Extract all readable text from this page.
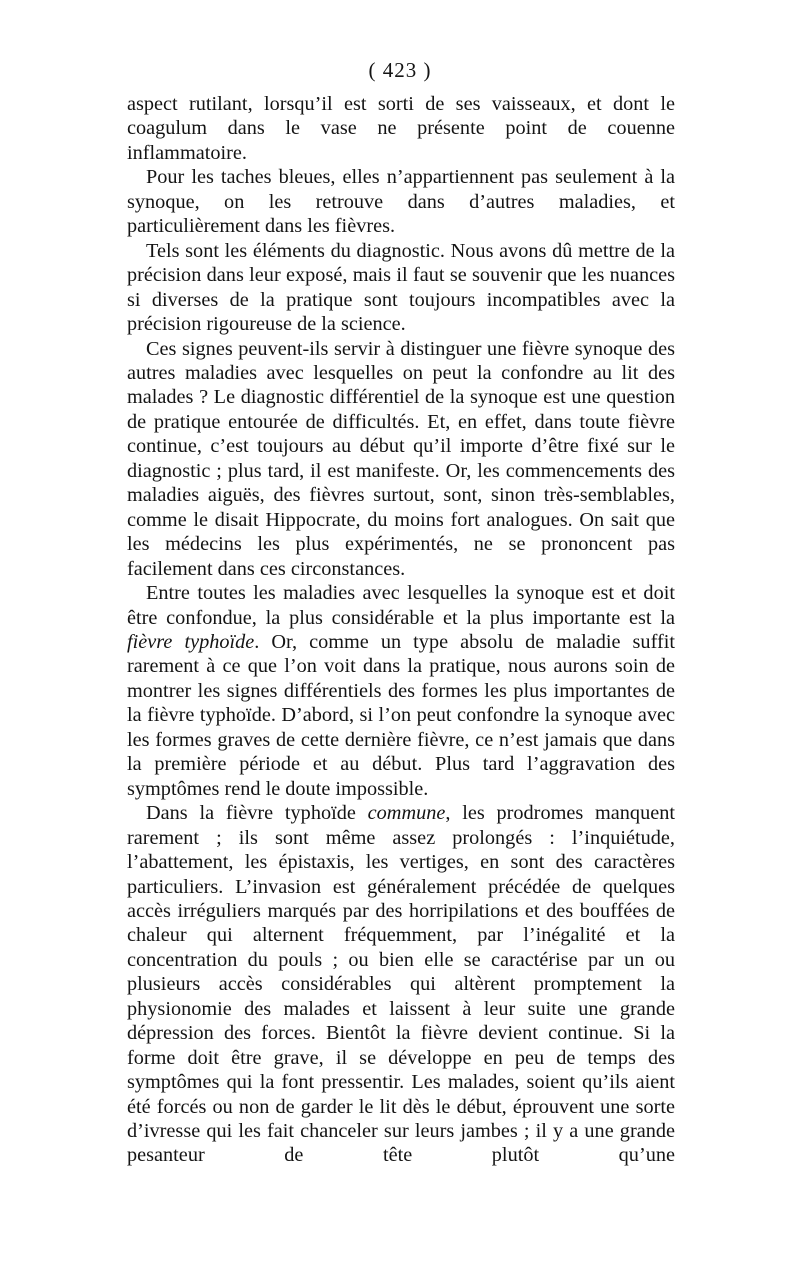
( 423 )

aspect rutilant, lorsqu’il est sorti de ses vaisseaux, et dont le coagulum dans le vase ne présente point de couenne inflammatoire.

Pour les taches bleues, elles n’appartiennent pas seulement à la synoque, on les retrouve dans d’autres maladies, et particulièrement dans les fièvres.

Tels sont les éléments du diagnostic. Nous avons dû mettre de la précision dans leur exposé, mais il faut se souvenir que les nuances si diverses de la pratique sont toujours incompatibles avec la précision rigoureuse de la science.

Ces signes peuvent-ils servir à distinguer une fièvre synoque des autres maladies avec lesquelles on peut la confondre au lit des malades ? Le diagnostic différentiel de la synoque est une question de pratique entourée de difficultés. Et, en effet, dans toute fièvre continue, c’est toujours au début qu’il importe d’être fixé sur le diagnostic ; plus tard, il est manifeste. Or, les commencements des maladies aiguës, des fièvres surtout, sont, sinon très-semblables, comme le disait Hippocrate, du moins fort analogues. On sait que les médecins les plus expérimentés, ne se prononcent pas facilement dans ces circonstances.

Entre toutes les maladies avec lesquelles la synoque est et doit être confondue, la plus considérable et la plus importante est la fièvre typhoïde. Or, comme un type absolu de maladie suffit rarement à ce que l’on voit dans la pratique, nous aurons soin de montrer les signes différentiels des formes les plus importantes de la fièvre typhoïde. D’abord, si l’on peut confondre la synoque avec les formes graves de cette dernière fièvre, ce n’est jamais que dans la première période et au début. Plus tard l’aggravation des symptômes rend le doute impossible.

Dans la fièvre typhoïde commune, les prodromes manquent rarement ; ils sont même assez prolongés : l’inquiétude, l’abattement, les épistaxis, les vertiges, en sont des caractères particuliers. L’invasion est généralement précédée de quelques accès irréguliers marqués par des horripilations et des bouffées de chaleur qui alternent fréquemment, par l’inégalité et la concentration du pouls ; ou bien elle se caractérise par un ou plusieurs accès considérables qui altèrent promptement la physionomie des malades et laissent à leur suite une grande dépression des forces. Bientôt la fièvre devient continue. Si la forme doit être grave, il se développe en peu de temps des symptômes qui la font pressentir. Les malades, soient qu’ils aient été forcés ou non de garder le lit dès le début, éprouvent une sorte d’ivresse qui les fait chanceler sur leurs jambes ; il y a une grande pesanteur de tête plutôt qu’une
